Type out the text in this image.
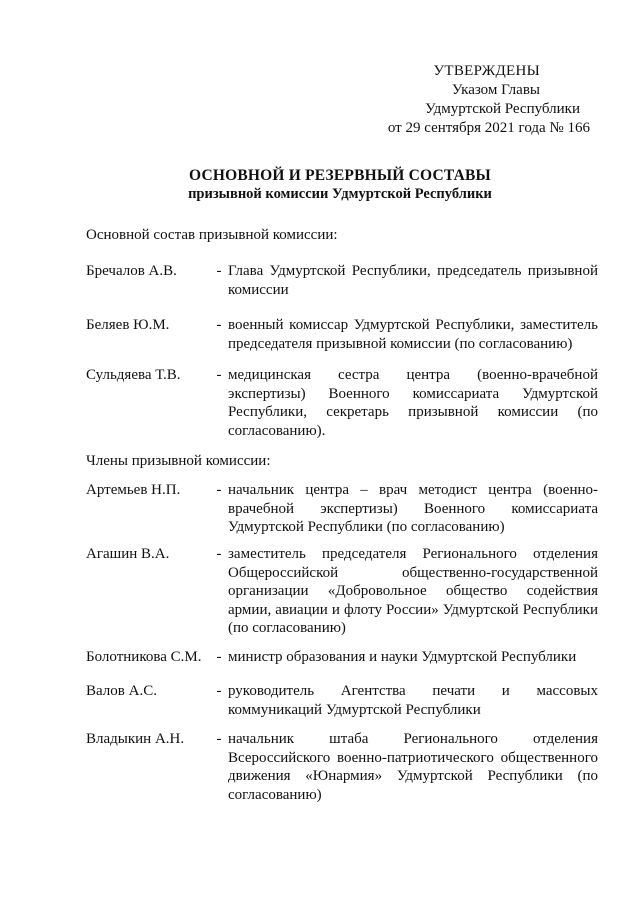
УТВЕРЖДЕНЫ
Указом Главы
Удмуртской Республики
от 29 сентября 2021 года № 166
ОСНОВНОЙ И РЕЗЕРВНЫЙ СОСТАВЫ
призывной комиссии Удмуртской Республики
Основной состав призывной комиссии:
Бречалов А.В.	- Глава Удмуртской Республики, председатель призывной комиссии
Беляев Ю.М.	- военный комиссар Удмуртской Республики, заместитель председателя призывной комиссии (по согласованию)
Сульдяева Т.В.	- медицинская сестра центра (военно-врачебной экспертизы) Военного комиссариата Удмуртской Республики, секретарь призывной комиссии (по согласованию).
Члены призывной комиссии:
Артемьев Н.П.	- начальник центра – врач методист центра (военно-врачебной экспертизы) Военного комиссариата Удмуртской Республики (по согласованию)
Агашин В.А.	- заместитель председателя Регионального отделения Общероссийской общественно-государственной организации «Добровольное общество содействия армии, авиации и флоту России» Удмуртской Республики (по согласованию)
Болотникова С.М.	- министр образования и науки Удмуртской Республики
Валов А.С.	- руководитель Агентства печати и массовых коммуникаций Удмуртской Республики
Владыкин А.Н.	- начальник штаба Регионального отделения Всероссийского военно-патриотического общественного движения «Юнармия» Удмуртской Республики (по согласованию)
